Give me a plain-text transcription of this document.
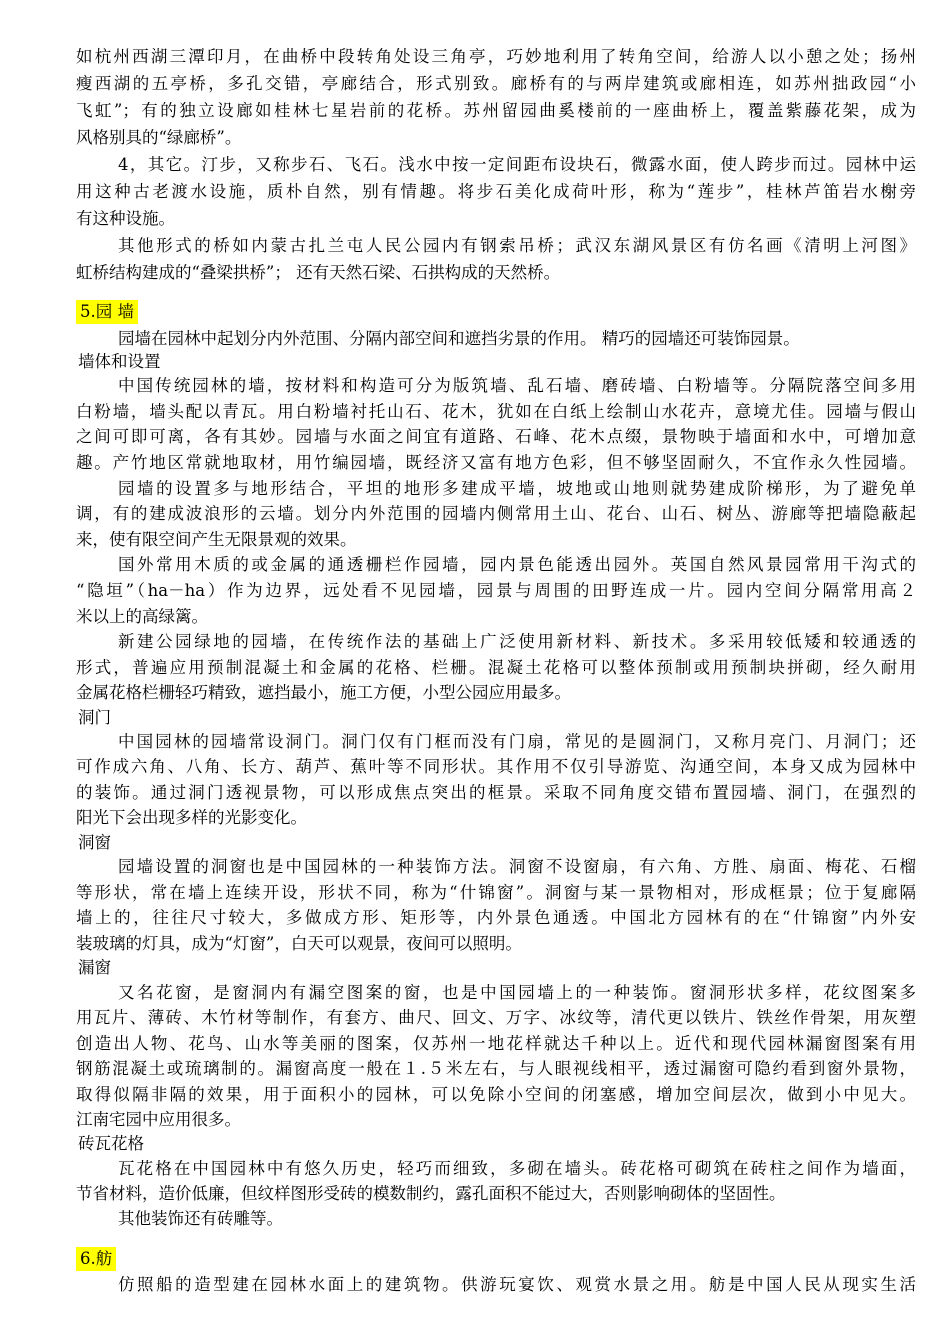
如杭州西湖三潭印月，在曲桥中段转角处设三角亭，巧妙地利用了转角空间，给游人以小憩之处；扬州
瘦西湖的五亭桥，多孔交错，亭廊结合，形式别致。廊桥有的与两岸建筑或廊相连，如苏州拙政园“小
飞虹”；有的独立设廊如桂林七星岩前的花桥。苏州留园曲奚楼前的一座曲桥上，覆盖紫藤花架，成为
风格别具的“绿廊桥”。
4，其它。汀步，又称步石、飞石。浅水中按一定间距布设块石，微露水面，使人跨步而过。园林中运
用这种古老渡水设施，质朴自然，别有情趣。将步石美化成荷叶形，称为“莲步”，桂林芦笛岩水榭旁
有这种设施。
其他形式的桥如内蒙古扎兰屯人民公园内有钢索吊桥；武汉东湖风景区有仿名画《清明上河图》
虹桥结构建成的“叠梁拱桥”； 还有天然石梁、石拱构成的天然桥。
5.园 墙
园墙在园林中起划分内外范围、分隔内部空间和遮挡劣景的作用。 精巧的园墙还可装饰园景。
墙体和设置
中国传统园林的墙，按材料和构造可分为版筑墙、乱石墙、磨砖墙、白粉墙等。分隔院落空间多用
白粉墙，墙头配以青瓦。用白粉墙衬托山石、花木，犹如在白纸上绘制山水花卉，意境尤佳。园墙与假山
之间可即可离，各有其妙。园墙与水面之间宜有道路、石峰、花木点缀，景物映于墙面和水中，可增加意
趣。产竹地区常就地取材，用竹编园墙，既经济又富有地方色彩，但不够坚固耐久，不宜作永久性园墙。
园墙的设置多与地形结合，平坦的地形多建成平墙，坡地或山地则就势建成阶梯形，为了避免单
调，有的建成波浪形的云墙。划分内外范围的园墙内侧常用土山、花台、山石、树丛、游廊等把墙隐蔽起
来，使有限空间产生无限景观的效果。
国外常用木质的或金属的通透栅栏作园墙，园内景色能透出园外。英国自然风景园常用干沟式的
“隐垣”（ha－ha）作为边界，远处看不见园墙，园景与周围的田野连成一片。园内空间分隔常用高２
米以上的高绿篱。
新建公园绿地的园墙，在传统作法的基础上广泛使用新材料、新技术。多采用较低矮和较通透的
形式，普遍应用预制混凝土和金属的花格、栏栅。混凝土花格可以整体预制或用预制块拼砌，经久耐用
金属花格栏栅轻巧精致，遮挡最小，施工方便，小型公园应用最多。
洞门
中国园林的园墙常设洞门。洞门仅有门框而没有门扇，常见的是圆洞门，又称月亮门、月洞门；还
可作成六角、八角、长方、葫芦、蕉叶等不同形状。其作用不仅引导游览、沟通空间，本身又成为园林中
的装饰。通过洞门透视景物，可以形成焦点突出的框景。采取不同角度交错布置园墙、洞门，在强烈的
阳光下会出现多样的光影变化。
洞窗
园墙设置的洞窗也是中国园林的一种装饰方法。洞窗不设窗扇，有六角、方胜、扇面、梅花、石榴
等形状，常在墙上连续开设，形状不同，称为“什锦窗”。洞窗与某一景物相对，形成框景；位于复廊隔
墙上的，往往尺寸较大，多做成方形、矩形等，内外景色通透。中国北方园林有的在“什锦窗”内外安
装玻璃的灯具，成为“灯窗”，白天可以观景，夜间可以照明。
漏窗
又名花窗，是窗洞内有漏空图案的窗，也是中国园墙上的一种装饰。窗洞形状多样，花纹图案多
用瓦片、薄砖、木竹材等制作，有套方、曲尺、回文、万字、冰纹等，清代更以铁片、铁丝作骨架，用灰塑
创造出人物、花鸟、山水等美丽的图案，仅苏州一地花样就达千种以上。近代和现代园林漏窗图案有用
钢筋混凝土或琉璃制的。漏窗高度一般在１.５米左右，与人眼视线相平，透过漏窗可隐约看到窗外景物，
取得似隔非隔的效果，用于面积小的园林，可以免除小空间的闭塞感，增加空间层次，做到小中见大。
江南宅园中应用很多。
砖瓦花格
瓦花格在中国园林中有悠久历史，轻巧而细致，多砌在墙头。砖花格可砌筑在砖柱之间作为墙面，
节省材料，造价低廉，但纹样图形受砖的模数制约，露孔面积不能过大，否则影响砌体的坚固性。
其他装饰还有砖雕等。
6.舫
仿照船的造型建在园林水面上的建筑物。供游玩宴饮、观赏水景之用。舫是中国人民从现实生活
